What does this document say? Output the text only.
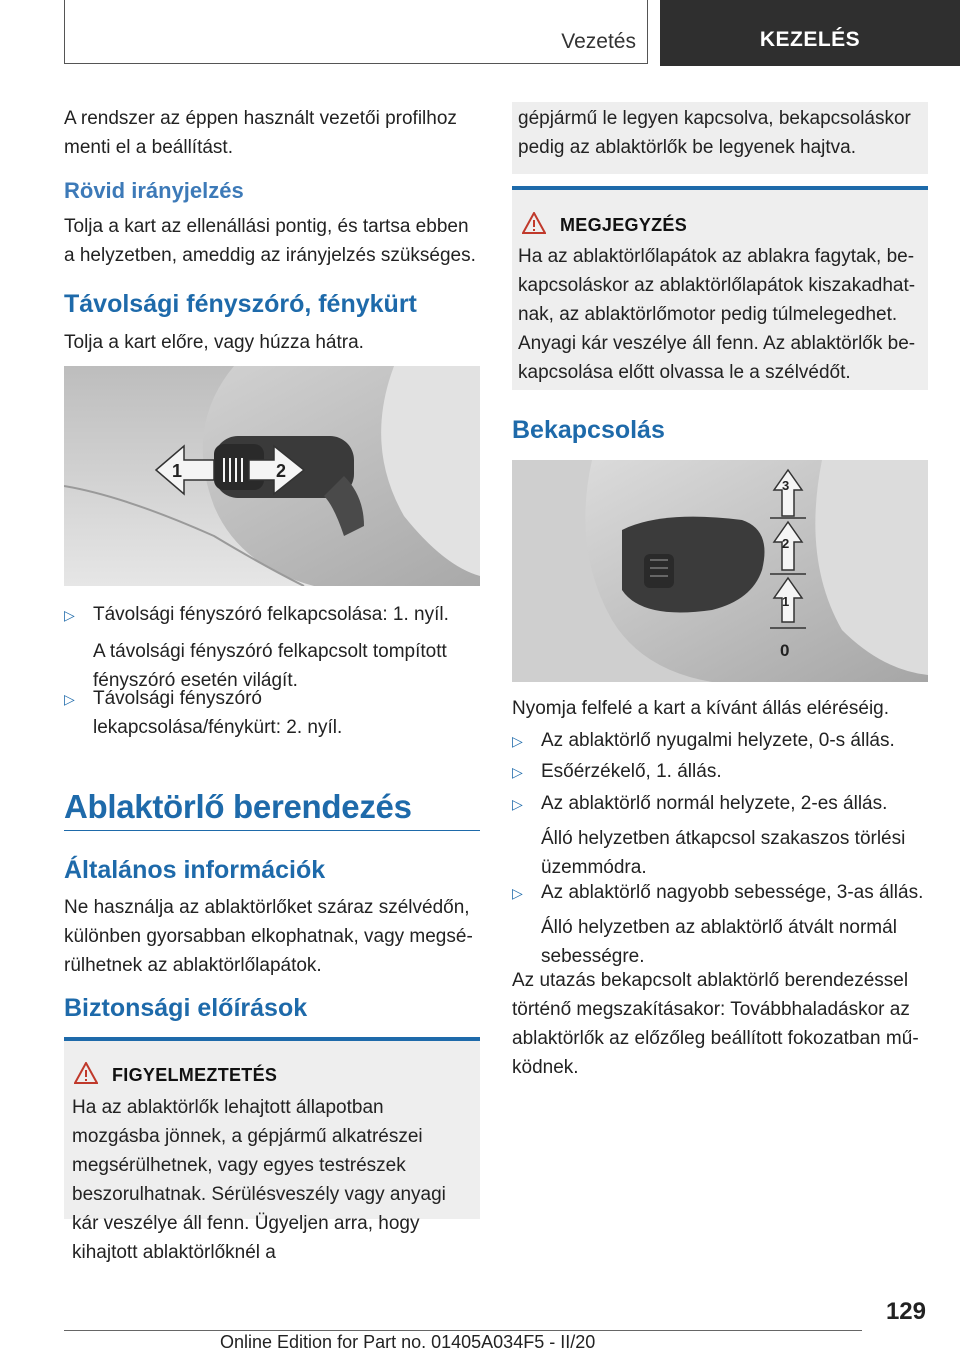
Vezetés	KEZELÉS

A rendszer az éppen használt vezetői profilhoz menti el a beállítást.

Rövid irányjelzés

Tolja a kart az ellenállási pontig, és tartsa ebben a helyzetben, ameddig az irányjelzés szükséges.

Távolsági fényszóró, fénykürt

Tolja a kart előre, vagy húzza hátra.

1	2
▷ Távolsági fényszóró felkapcsolása: 1. nyíl.
A távolsági fényszóró felkapcsolt tompított fényszóró esetén világít.
▷ Távolsági fényszóró lekapcsolása/fénykürt: 2. nyíl.
Ablaktörlő berendezés
Általános információk

Ne használja az ablaktörlőket száraz szélvédőn, különben gyorsabban elkophatnak, vagy megsérülhetnek az ablaktörlőlapátok.

Biztonsági előírások
FIGYELMEZTETÉS

Ha az ablaktörlők lehajtott állapotban mozgásba jönnek, a gépjármű alkatrészei megsérülhetnek, vagy egyes testrészek beszorulhatnak. Sérülésveszély vagy anyagi kár veszélye áll fenn. Ügyeljen arra, hogy kihajtott ablaktörlőknél a

gépjármű le legyen kapcsolva, bekapcsoláskor pedig az ablaktörlők be legyenek hajtva.

MEGJEGYZÉS

Ha az ablaktörlőlapátok az ablakra fagytak, bekapcsoláskor az ablaktörlőlapátok kiszakadhatnak, az ablaktörlőmotor pedig túlmelegedhet. Anyagi kár veszélye áll fenn. Az ablaktörlők bekapcsolása előtt olvassa le a szélvédőt.

Bekapcsolás
3
2
1
0

Nyomja felfelé a kart a kívánt állás eléréséig.

▷ Az ablaktörlő nyugalmi helyzete, 0-s állás.
▷ Esőérzékelő, 1. állás.
▷ Az ablaktörlő normál helyzete, 2-es állás.
Álló helyzetben átkapcsol szakaszos törlési üzemmódra.
▷ Az ablaktörlő nagyobb sebessége, 3-as állás.
Álló helyzetben az ablaktörlő átvált normál sebességre.

Az utazás bekapcsolt ablaktörlő berendezéssel történő megszakításakor: Továbbhaladáskor az ablaktörlők az előzőleg beállított fokozatban működnek.

129
Online Edition for Part no. 01405A034F5 - II/20
